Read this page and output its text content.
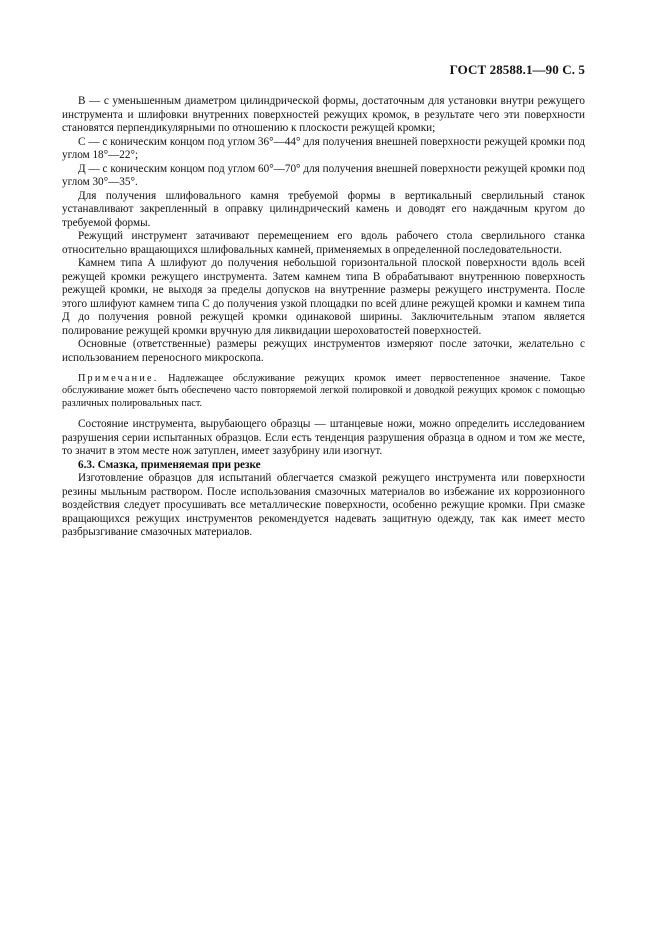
ГОСТ 28588.1—90 С. 5

В — с уменьшенным диаметром цилиндрической формы, достаточным для установки внутри режущего инструмента и шлифовки внутренних поверхностей режущих кромок, в результате чего эти поверхности становятся перпендикулярными по отношению к плоскости режущей кромки;

С — с коническим концом под углом 36°—44° для получения внешней поверхности режущей кромки под углом 18°—22°;

Д — с коническим концом под углом 60°—70° для получения внешней поверхности режущей кромки под углом 30°—35°.

Для получения шлифовального камня требуемой формы в вертикальный сверлильный станок устанавливают закрепленный в оправку цилиндрический камень и доводят его наждачным кругом до требуемой формы.

Режущий инструмент затачивают перемещением его вдоль рабочего стола сверлильного станка относительно вращающихся шлифовальных камней, применяемых в определенной последовательности.

Камнем типа А шлифуют до получения небольшой горизонтальной плоской поверхности вдоль всей режущей кромки режущего инструмента. Затем камнем типа В обрабатывают внутреннюю поверхность режущей кромки, не выходя за пределы допусков на внутренние размеры режущего инструмента. После этого шлифуют камнем типа С до получения узкой площадки по всей длине режущей кромки и камнем типа Д до получения ровной режущей кромки одинаковой ширины. Заключительным этапом является полирование режущей кромки вручную для ликвидации шероховатостей поверхностей.

Основные (ответственные) размеры режущих инструментов измеряют после заточки, желательно с использованием переносного микроскопа.

Примечание. Надлежащее обслуживание режущих кромок имеет первостепенное значение. Такое обслуживание может быть обеспечено часто повторяемой легкой полировкой и доводкой режущих кромок с помощью различных полировальных паст.

Состояние инструмента, вырубающего образцы — штанцевые ножи, можно определить исследованием разрушения серии испытанных образцов. Если есть тенденция разрушения образца в одном и том же месте, то значит в этом месте нож затуплен, имеет зазубрину или изогнут.

6.3. Смазка, применяемая при резке

Изготовление образцов для испытаний облегчается смазкой режущего инструмента или поверхности резины мыльным раствором. После использования смазочных материалов во избежание их коррозионного воздействия следует просушивать все металлические поверхности, особенно режущие кромки. При смазке вращающихся режущих инструментов рекомендуется надевать защитную одежду, так как имеет место разбрызгивание смазочных материалов.
